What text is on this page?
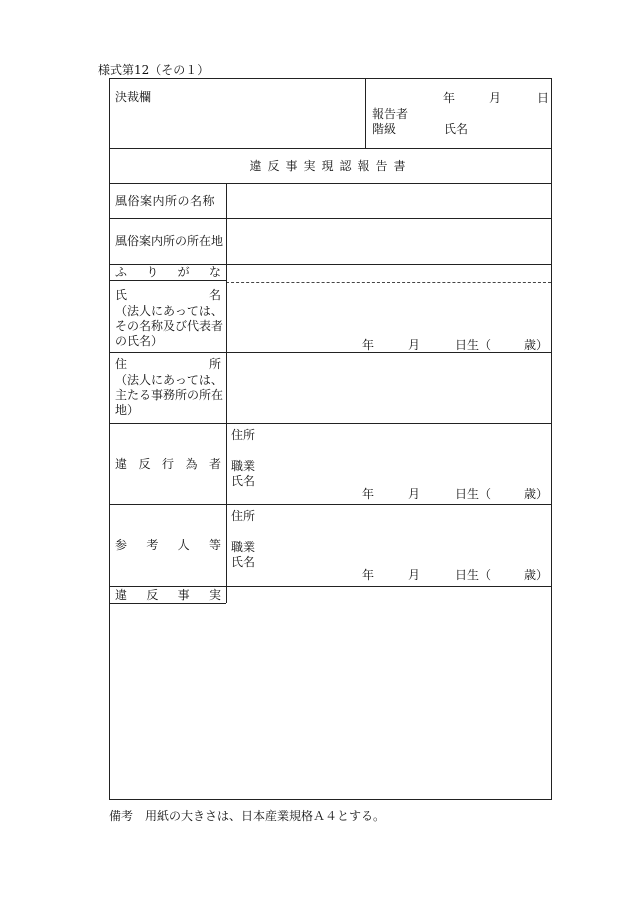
様式第12（その１）
決裁欄	年	月	日
報告者
階級	氏名
違反事実現認報告書
風俗案内所の名称
風俗案内所の所在地
ふ り が な
氏	名
（法人にあっては、
その名称及び代表者
の氏名）	年	月	日生（	歳）
住	所
（法人にあっては、
主たる事務所の所在
地）
違 反 行 為 者
住所
職業
氏名
年	月	日生（	歳）
参 考 人 等
住所
職業
氏名
年	月	日生（	歳）
違 反 事 実
備考　用紙の大きさは、日本産業規格Ａ４とする。
